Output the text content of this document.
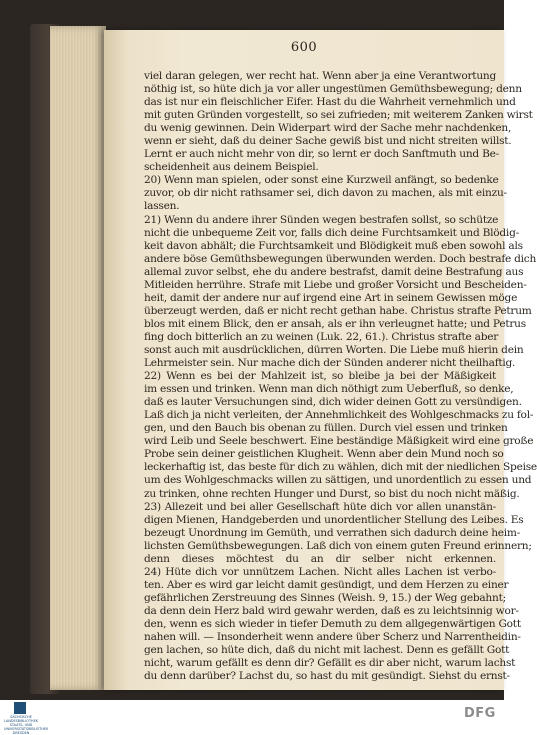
600
viel daran gelegen, wer recht hat. Wenn aber ja eine Verantwortung
nöthig ist, so hüte dich ja vor aller ungestümen Gemüthsbewegung; denn
das ist nur ein fleischlicher Eifer. Hast du die Wahrheit vernehmlich und
mit guten Gründen vorgestellt, so sei zufrieden; mit weiterem Zanken wirst
du wenig gewinnen. Dein Widerpart wird der Sache mehr nachdenken,
wenn er sieht, daß du deiner Sache gewiß bist und nicht streiten willst.
Lernt er auch nicht mehr von dir, so lernt er doch Sanftmuth und Be-
scheidenheit aus deinem Beispiel.
20) Wenn man spielen, oder sonst eine Kurzweil anfängt, so bedenke
zuvor, ob dir nicht rathsamer sei, dich davon zu machen, als mit einzu-
lassen.
21) Wenn du andere ihrer Sünden wegen bestrafen sollst, so schütze
nicht die unbequeme Zeit vor, falls dich deine Furchtsamkeit und Blödig-
keit davon abhält; die Furchtsamkeit und Blödigkeit muß eben sowohl als
andere böse Gemüthsbewegungen überwunden werden. Doch bestrafe dich
allemal zuvor selbst, ehe du andere bestrafst, damit deine Bestrafung aus
Mitleiden herrühre. Strafe mit Liebe und großer Vorsicht und Bescheiden-
heit, damit der andere nur auf irgend eine Art in seinem Gewissen möge
überzeugt werden, daß er nicht recht gethan habe. Christus strafte Petrum
blos mit einem Blick, den er ansah, als er ihn verleugnet hatte; und Petrus
fing doch bitterlich an zu weinen (Luk. 22, 61.). Christus strafte aber
sonst auch mit ausdrücklichen, dürren Worten. Die Liebe muß hierin dein
Lehrmeister sein. Nur mache dich der Sünden anderer nicht theilhaftig.
22) Wenn es bei der Mahlzeit ist, so bleibe ja bei der Mäßigkeit
im essen und trinken. Wenn man dich nöthigt zum Ueberfluß, so denke,
daß es lauter Versuchungen sind, dich wider deinen Gott zu versündigen.
Laß dich ja nicht verleiten, der Annehmlichkeit des Wohlgeschmacks zu fol-
gen, und den Bauch bis obenan zu füllen. Durch viel essen und trinken
wird Leib und Seele beschwert. Eine beständige Mäßigkeit wird eine große
Probe sein deiner geistlichen Klugheit. Wenn aber dein Mund noch so
leckerhaftig ist, das beste für dich zu wählen, dich mit der niedlichen Speise
um des Wohlgeschmacks willen zu sättigen, und unordentlich zu essen und
zu trinken, ohne rechten Hunger und Durst, so bist du noch nicht mäßig.
23) Allezeit und bei aller Gesellschaft hüte dich vor allen unanstän-
digen Mienen, Handgeberden und unordentlicher Stellung des Leibes. Es
bezeugt Unordnung im Gemüth, und verrathen sich dadurch deine heim-
lichsten Gemüthsbewegungen. Laß dich von einem guten Freund erinnern;
denn dieses möchtest du an dir selber nicht erkennen.
24) Hüte dich vor unnützem Lachen. Nicht alles Lachen ist verbo-
ten. Aber es wird gar leicht damit gesündigt, und dem Herzen zu einer
gefährlichen Zerstreuung des Sinnes (Weish. 9, 15.) der Weg gebahnt;
da denn dein Herz bald wird gewahr werden, daß es zu leichtsinnig wor-
den, wenn es sich wieder in tiefer Demuth zu dem allgegenwärtigen Gott
nahen will. — Insonderheit wenn andere über Scherz und Narrentheidin-
gen lachen, so hüte dich, daß du nicht mit lachest. Denn es gefällt Gott
nicht, warum gefällt es denn dir? Gefällt es dir aber nicht, warum lachst
du denn darüber? Lachst du, so hast du mit gesündigt. Siehst du ernst-
SÄCHSISCHE LANDESBIBLIOTHEK STAATS- UND UNIVERSITÄTSBIBLIOTHEK DRESDEN
DFG
